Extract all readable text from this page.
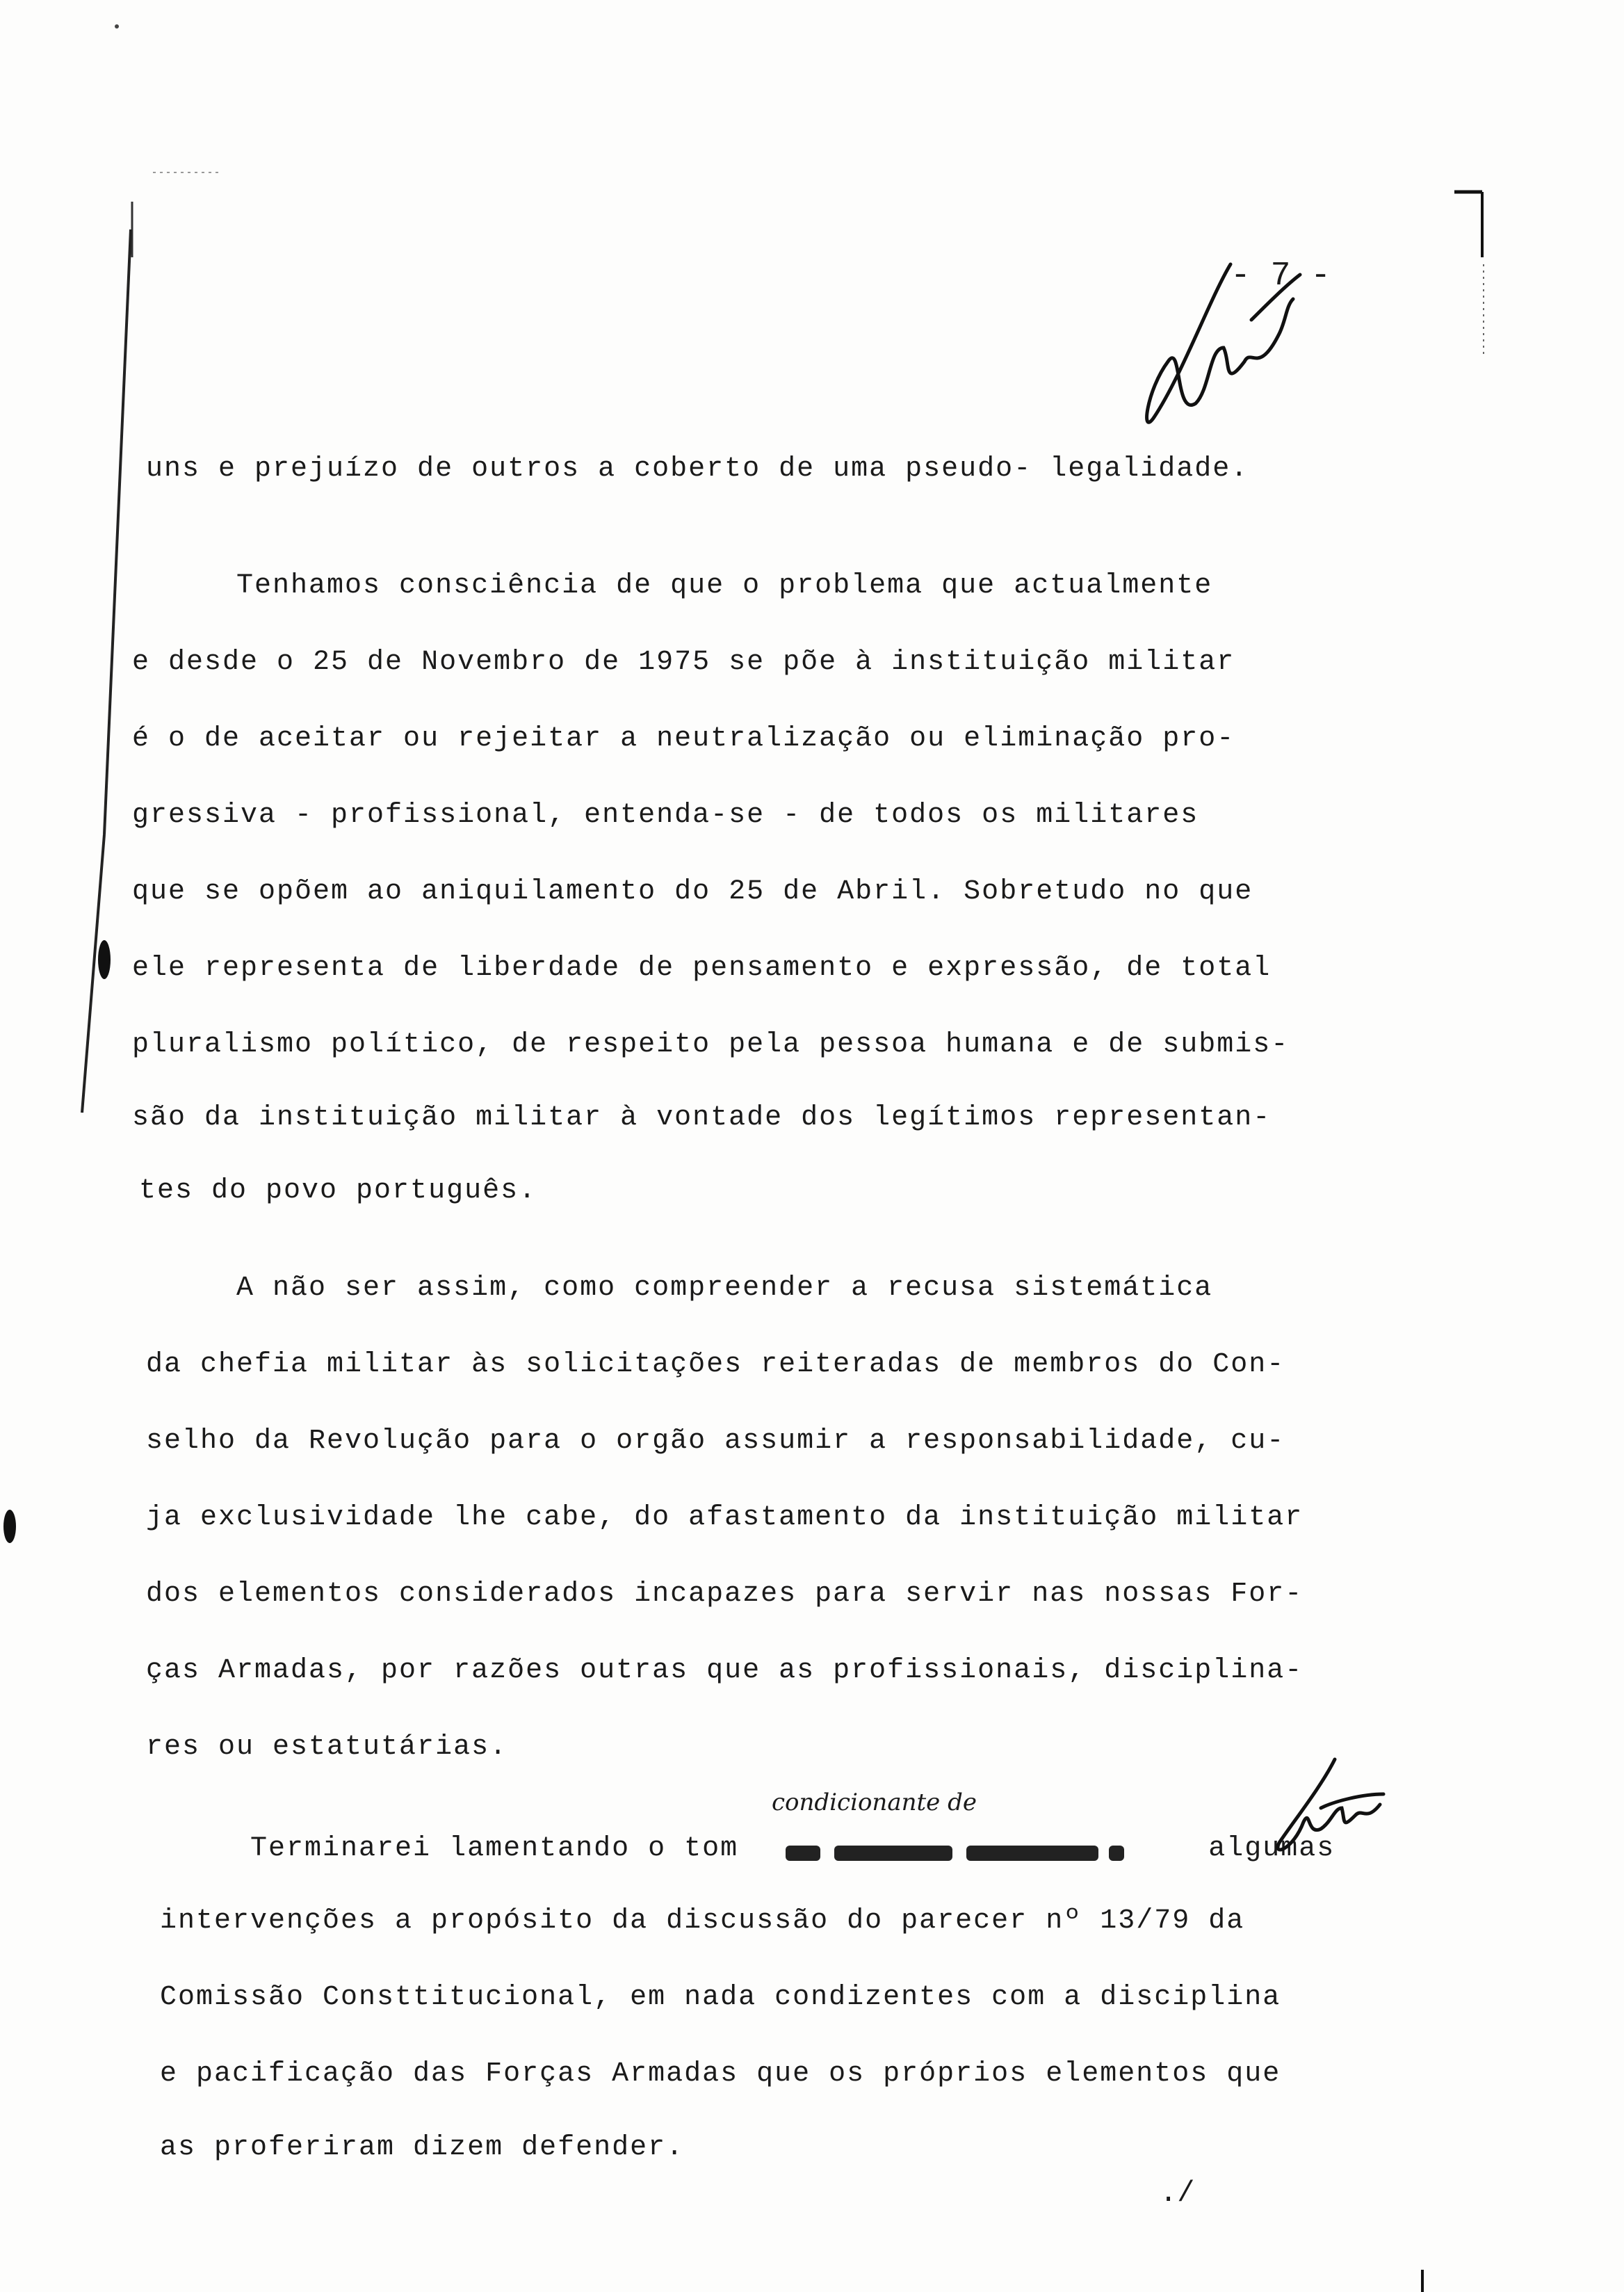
- 7 -
uns e prejuízo de outros a coberto de uma pseudo- legalidade.
Tenhamos consciência de que o problema que actualmente
e desde o 25 de Novembro de 1975 se põe à instituição militar
é o de aceitar ou rejeitar a neutralização ou eliminação pro-
gressiva - profissional, entenda-se - de todos os militares
que se opõem ao aniquilamento do 25 de Abril. Sobretudo no que
ele representa de liberdade de pensamento e expressão, de total
pluralismo político, de respeito pela pessoa humana e de submis-
são da instituição militar à vontade dos legítimos representan-
tes do povo português.
A não ser assim, como compreender a recusa sistemática
da chefia militar às solicitações reiteradas de membros do Con-
selho da Revolução para o orgão assumir a responsabilidade, cu-
ja exclusividade lhe cabe, do afastamento da instituição militar
dos elementos considerados incapazes para servir nas nossas For-
ças Armadas, por razões outras que as profissionais, disciplina-
res ou estatutárias.
condicionante de
Terminarei lamentando o tom                          algumas
intervenções a propósito da discussão do parecer nº 13/79 da
Comissão Consttitucional, em nada condizentes com a disciplina
e pacificação das Forças Armadas que os próprios elementos que
as proferiram dizem defender.
./
